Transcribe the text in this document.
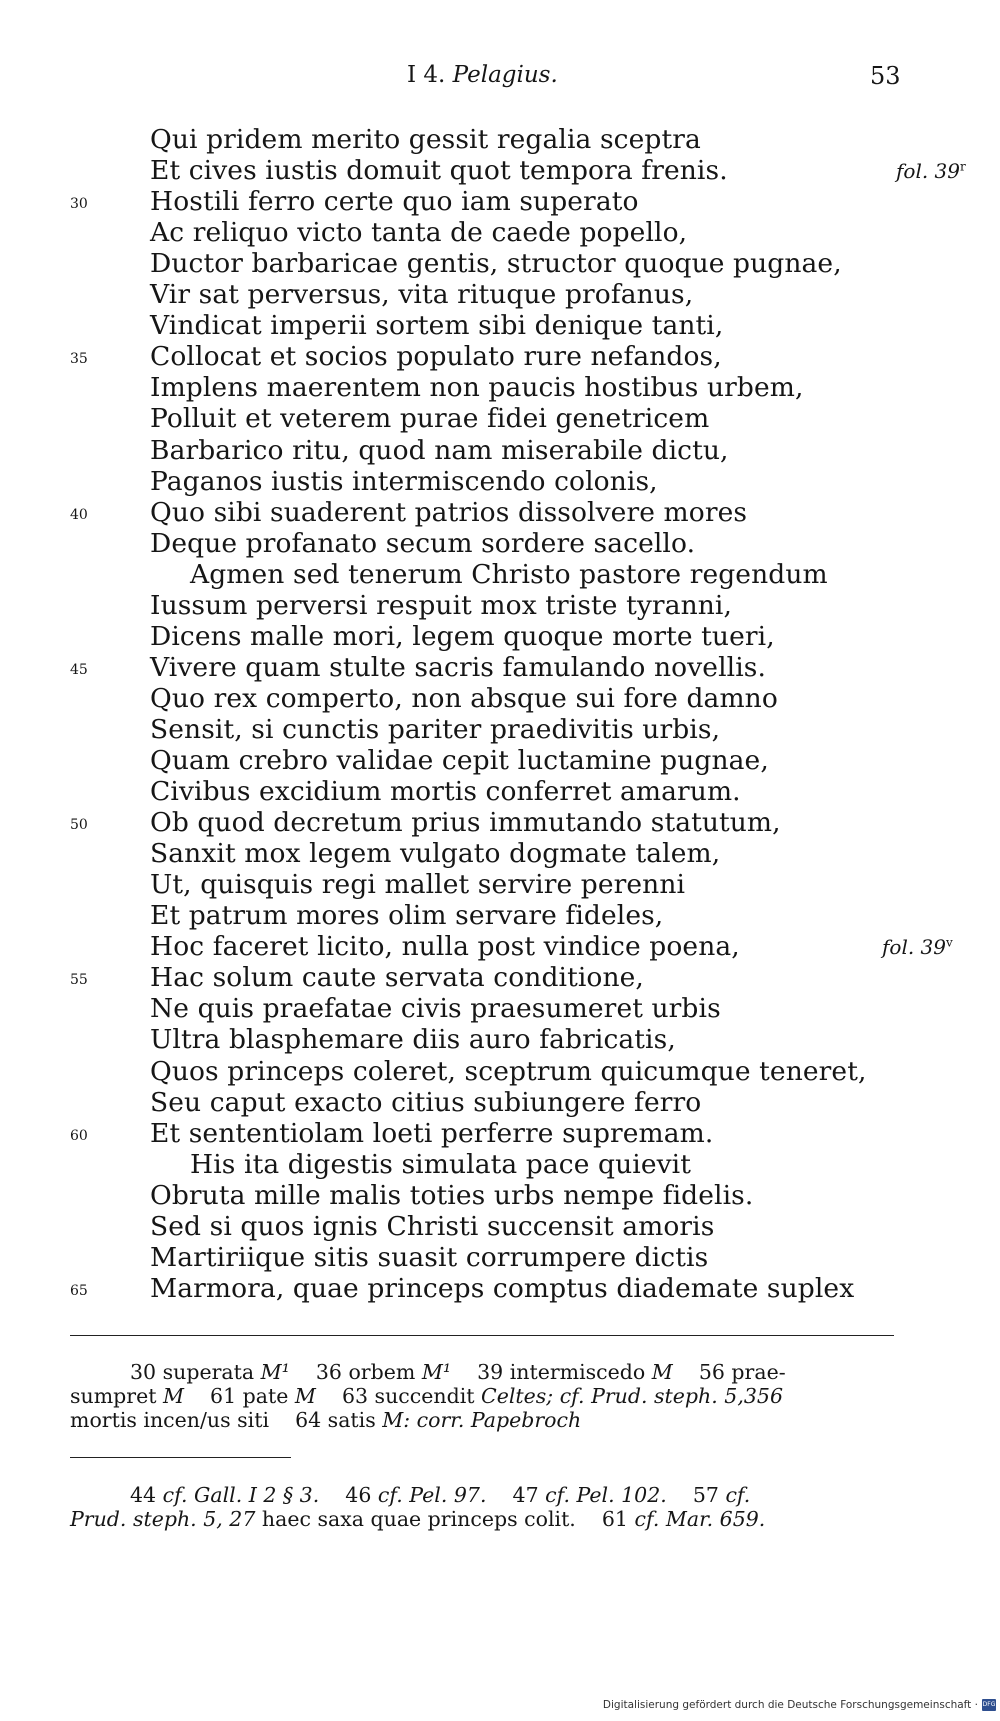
I 4. Pelagius.	53
Qui pridem merito gessit regalia sceptra
Et cives iustis domuit quot tempora frenis.
Hostili ferro certe quo iam superato
30
Ac reliquo victo tanta de caede popello,
Ductor barbaricae gentis, structor quoque pugnae,
Vir sat perversus, vita rituque profanus,
Vindicat imperii sortem sibi denique tanti,
Collocat et socios populato rure nefandos,
35
Implens maerentem non paucis hostibus urbem,
Polluit et veterem purae fidei genetricem
Barbarico ritu, quod nam miserabile dictu,
Paganos iustis intermiscendo colonis,
Quo sibi suaderent patrios dissolvere mores
40
Deque profanato secum sordere sacello.
Agmen sed tenerum Christo pastore regendum
Iussum perversi respuit mox triste tyranni,
Dicens malle mori, legem quoque morte tueri,
Vivere quam stulte sacris famulando novellis.
45
Quo rex comperto, non absque sui fore damno
Sensit, si cunctis pariter praedivitis urbis,
Quam crebro validae cepit luctamine pugnae,
Civibus excidium mortis conferret amarum.
Ob quod decretum prius immutando statutum,
50
Sanxit mox legem vulgato dogmate talem,
Ut, quisquis regi mallet servire perenni
Et patrum mores olim servare fideles,
Hoc faceret licito, nulla post vindice poena,
Hac solum caute servata conditione,
55
Ne quis praefatae civis praesumeret urbis
Ultra blasphemare diis auro fabricatis,
Quos princeps coleret, sceptrum quicumque teneret,
Seu caput exacto citius subiungere ferro
Et sententiolam loeti perferre supremam.
60
His ita digestis simulata pace quievit
Obruta mille malis toties urbs nempe fidelis.
Sed si quos ignis Christi succensit amoris
Martiriique sitis suasit corrumpere dictis
Marmora, quae princeps comptus diademate suplex
65
fol. 39$^r$
fol. 39$^v$
30 superata M¹    36 orbem M¹    39 intermiscedo M    56 prae-
sumpret M    61 pate M    63 succendit Celtes; cf. Prud. steph. 5,356
mortis incen/us siti    64 satis M: corr. Papebroch
44 cf. Gall. I 2 § 3.    46 cf. Pel. 97.    47 cf. Pel. 102.    57 cf.
Prud. steph. 5, 27 haec saxa quae princeps colit.    61 cf. Mar. 659.
Digitalisierung gefördert durch die Deutsche Forschungsgemeinschaft · DFG
